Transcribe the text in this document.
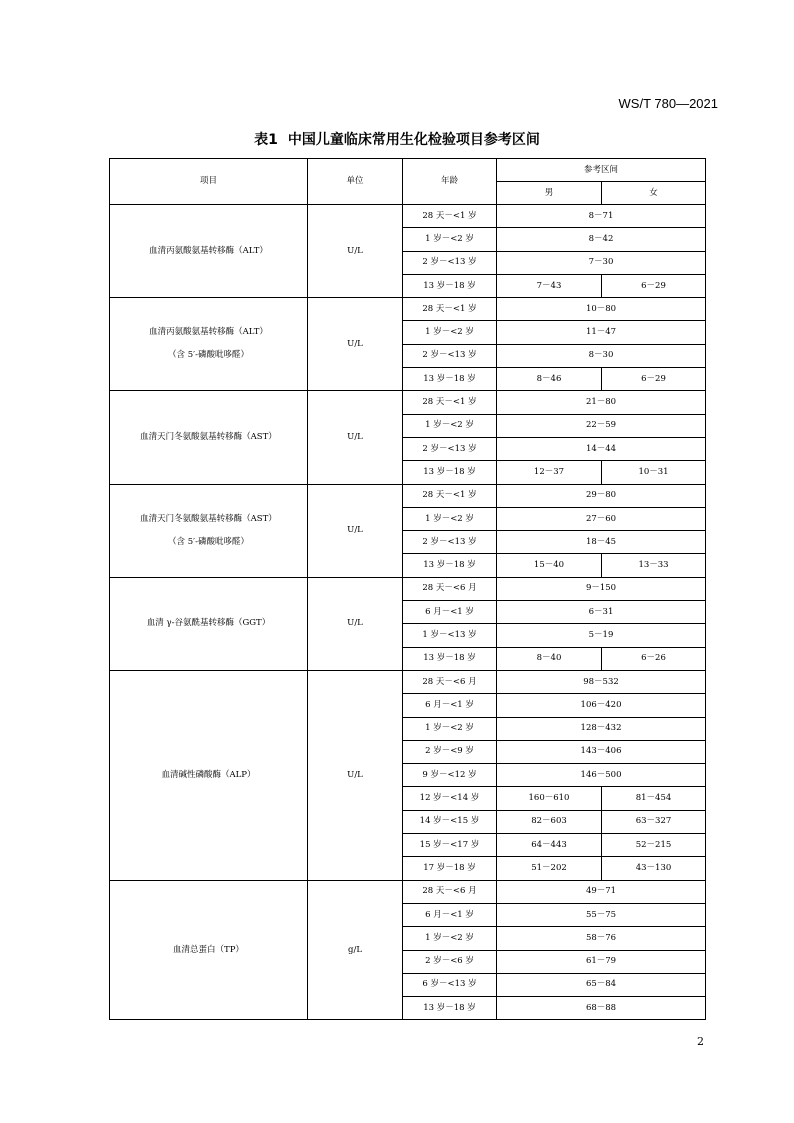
WS/T 780—2021
表1 中国儿童临床常用生化检验项目参考区间
项目	单位	年龄	参考区间	
			男	女

血清丙氨酸氨基转移酶（ALT）	U/L	28 天－<1 岁	8－71	
		1 岁－<2 岁	8－42	
		2 岁－<13 岁	7－30	
		13 岁－18 岁	7－43	6－29

血清丙氨酸氨基转移酶（ALT）
（含 5′-磷酸吡哆醛）	U/L	28 天－<1 岁	10－80	
		1 岁－<2 岁	11－47	
		2 岁－<13 岁	8－30	
		13 岁－18 岁	8－46	6－29

血清天门冬氨酸氨基转移酶（AST）	U/L	28 天－<1 岁	21－80	
		1 岁－<2 岁	22－59	
		2 岁－<13 岁	14－44	
		13 岁－18 岁	12－37	10－31

血清天门冬氨酸氨基转移酶（AST）
（含 5′-磷酸吡哆醛）	U/L	28 天－<1 岁	29－80	
		1 岁－<2 岁	27－60	
		2 岁－<13 岁	18－45	
		13 岁－18 岁	15－40	13－33

血清 γ-谷氨酰基转移酶（GGT）	U/L	28 天－<6 月	9－150	
		6 月－<1 岁	6－31	
		1 岁－<13 岁	5－19	
		13 岁－18 岁	8－40	6－26

血清碱性磷酸酶（ALP）	U/L	28 天－<6 月	98－532	
		6 月－<1 岁	106－420	
		1 岁－<2 岁	128－432	
		2 岁－<9 岁	143－406	
		9 岁－<12 岁	146－500	
		12 岁－<14 岁	160－610	81－454
		14 岁－<15 岁	82－603	63－327
		15 岁－<17 岁	64－443	52－215
		17 岁－18 岁	51－202	43－130

血清总蛋白（TP）	g/L	28 天－<6 月	49－71	
		6 月－<1 岁	55－75	
		1 岁－<2 岁	58－76	
		2 岁－<6 岁	61－79	
		6 岁－<13 岁	65－84	
		13 岁－18 岁	68－88	
2
